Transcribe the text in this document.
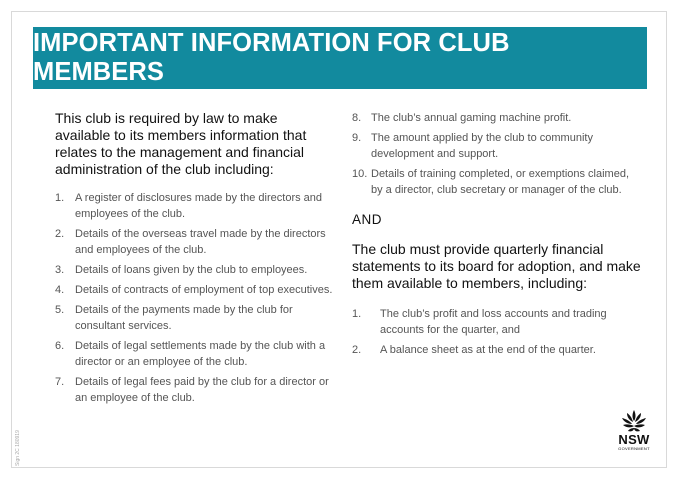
IMPORTANT INFORMATION FOR CLUB MEMBERS

This club is required by law to make available to its members information that relates to the management and financial administration of the club including:

1. A register of disclosures made by the directors and employees of the club.
2. Details of the overseas travel made by the directors and employees of the club.
3. Details of loans given by the club to employees.
4. Details of contracts of employment of top executives.
5. Details of the payments made by the club for consultant services.
6. Details of legal settlements made by the club with a director or an employee of the club.
7. Details of legal fees paid by the club for a director or an employee of the club.
8. The club’s annual gaming machine profit.
9. The amount applied by the club to community development and support.
10. Details of training completed, or exemptions claimed, by a director, club secretary or manager of the club.
AND

The club must provide quarterly financial statements to its board for adoption, and make them available to members, including:

1.	The club’s profit and loss accounts and trading accounts for the quarter, and
2.	A balance sheet as at the end of the quarter.
Sign 2C 180919	NSW
GOVERNMENT
